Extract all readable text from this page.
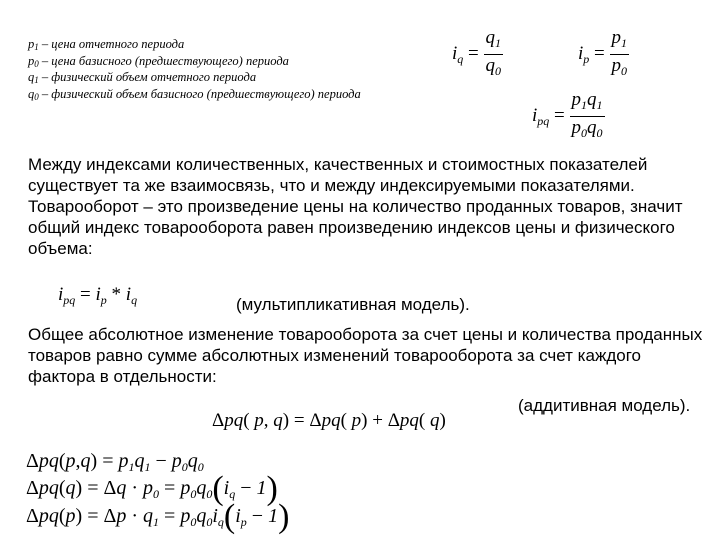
$p_1$ – цена отчетного периода
$p_0$ – цена базисного (предшествующего) периода
$q_1$ – физический объем отчетного периода
$q_0$ – физический объем базисного (предшествующего) периода
$i_q = \frac{q_1}{q_0}$	$i_p = \frac{p_1}{p_0}$
$i_{pq} = \frac{p_1q_1}{p_0q_0}$
Между индексами количественных, качественных и стоимостных показателей существует та же взаимосвязь, что и между индексируемыми показателями. Товарооборот – это произведение цены на количество проданных товаров, значит общий индекс товарооборота равен произведению индексов цены и физического объема:
$i_{pq} = i_p * i_q$	(мультипликативная модель).
Общее абсолютное изменение товарооборота за счет цены и количества проданных товаров равно сумме абсолютных изменений товарооборота за счет каждого фактора в отдельности:
(аддитивная модель).
Δpq( p, q) = Δpq( p) + Δpq( q)
$\Delta pq(p,q) = p_1q_1 - p_0q_0$
$\Delta pq(q) = \Delta q \cdot p_0 = p_0q_0(i_q - 1)$
$\Delta pq(p) = \Delta p \cdot q_1 = p_0q_0i_q(i_p - 1)$
